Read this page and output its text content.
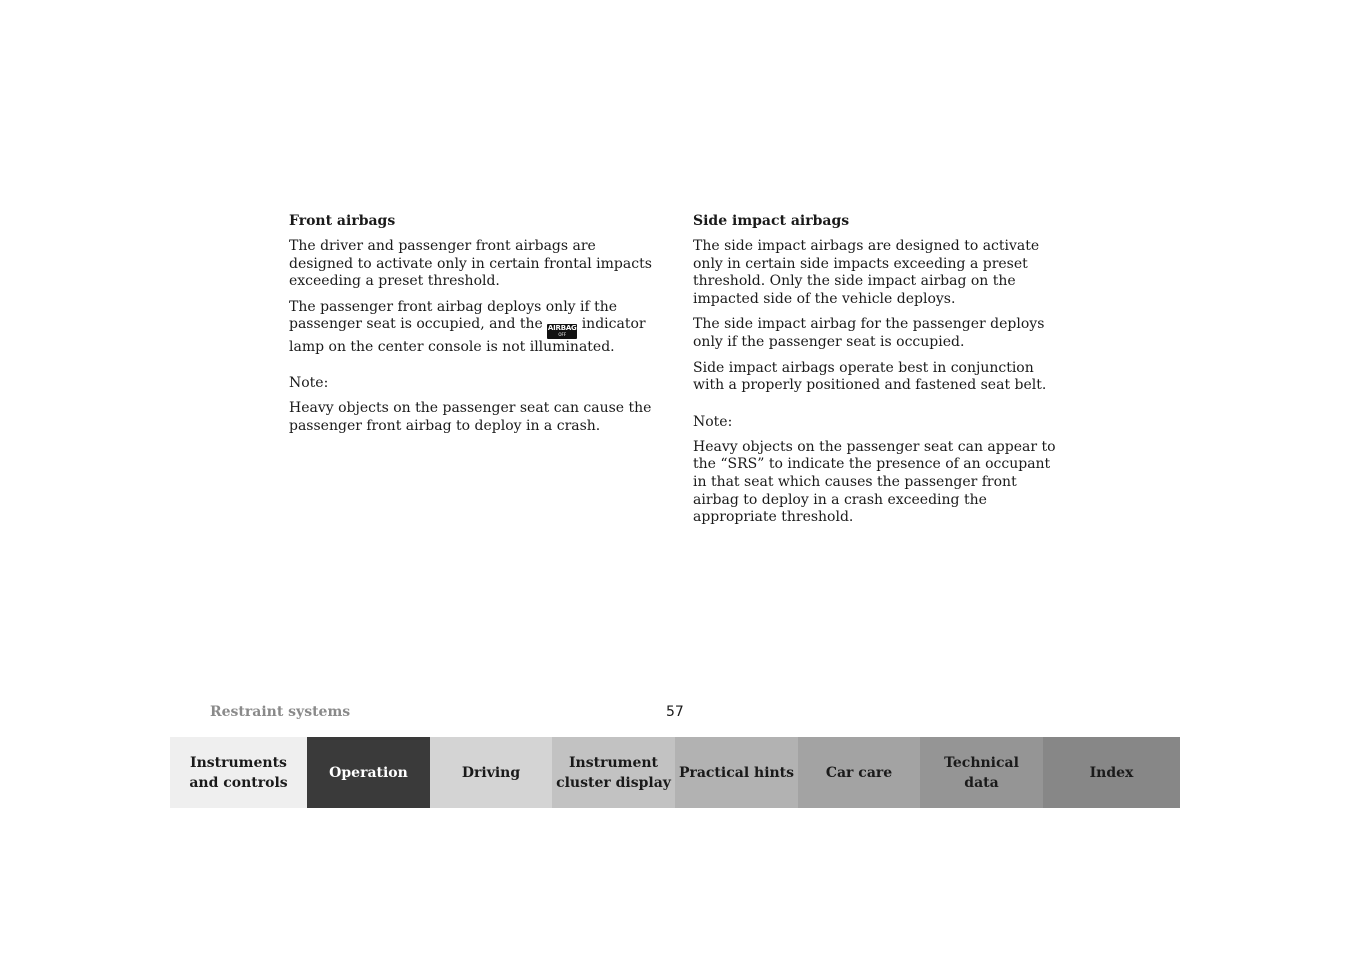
Front airbags

The driver and passenger front airbags are designed to activate only in certain frontal impacts exceeding a preset threshold.

The passenger front airbag deploys only if the passenger seat is occupied, and the AIRBAG
OFF
indicator lamp on the center console is not illuminated.

Note:

Heavy objects on the passenger seat can cause the passenger front airbag to deploy in a crash.

Side impact airbags

The side impact airbags are designed to activate only in certain side impacts exceeding a preset threshold. Only the side impact airbag on the impacted side of the vehicle deploys.

The side impact airbag for the passenger deploys only if the passenger seat is occupied.

Side impact airbags operate best in conjunction with a properly positioned and fastened seat belt.

Note:

Heavy objects on the passenger seat can appear to the “SRS” to indicate the presence of an occupant in that seat which causes the passenger front airbag to deploy in a crash exceeding the appropriate threshold.

Restraint systems	57
Instruments
and controls
Operation	Driving
Instrument
cluster display
Practical hints Car care
Technical
data
Index
